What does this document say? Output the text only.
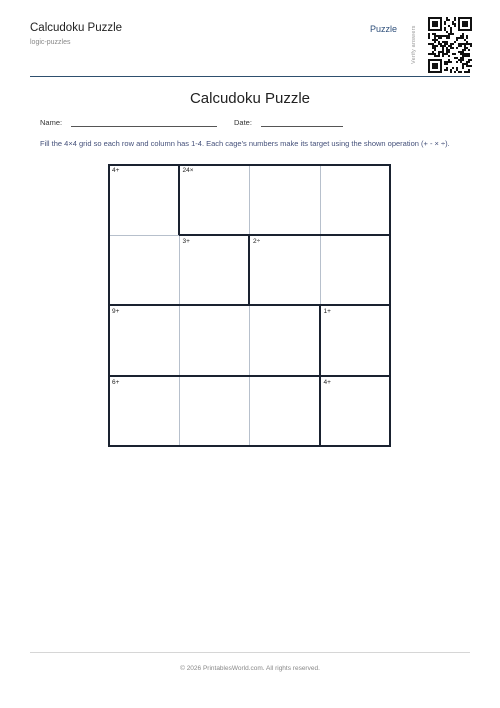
Calcudoku Puzzle
logic-puzzles
Puzzle	Verify answers
Calcudoku Puzzle
Name:	Date:
Fill the 4×4 grid so each row and column has 1-4. Each cage's numbers make its target using the shown operation (+ - × ÷).
4+
6+
1+
9+
2÷
3+
24×
4+
© 2026 PrintablesWorld.com. All rights reserved.
